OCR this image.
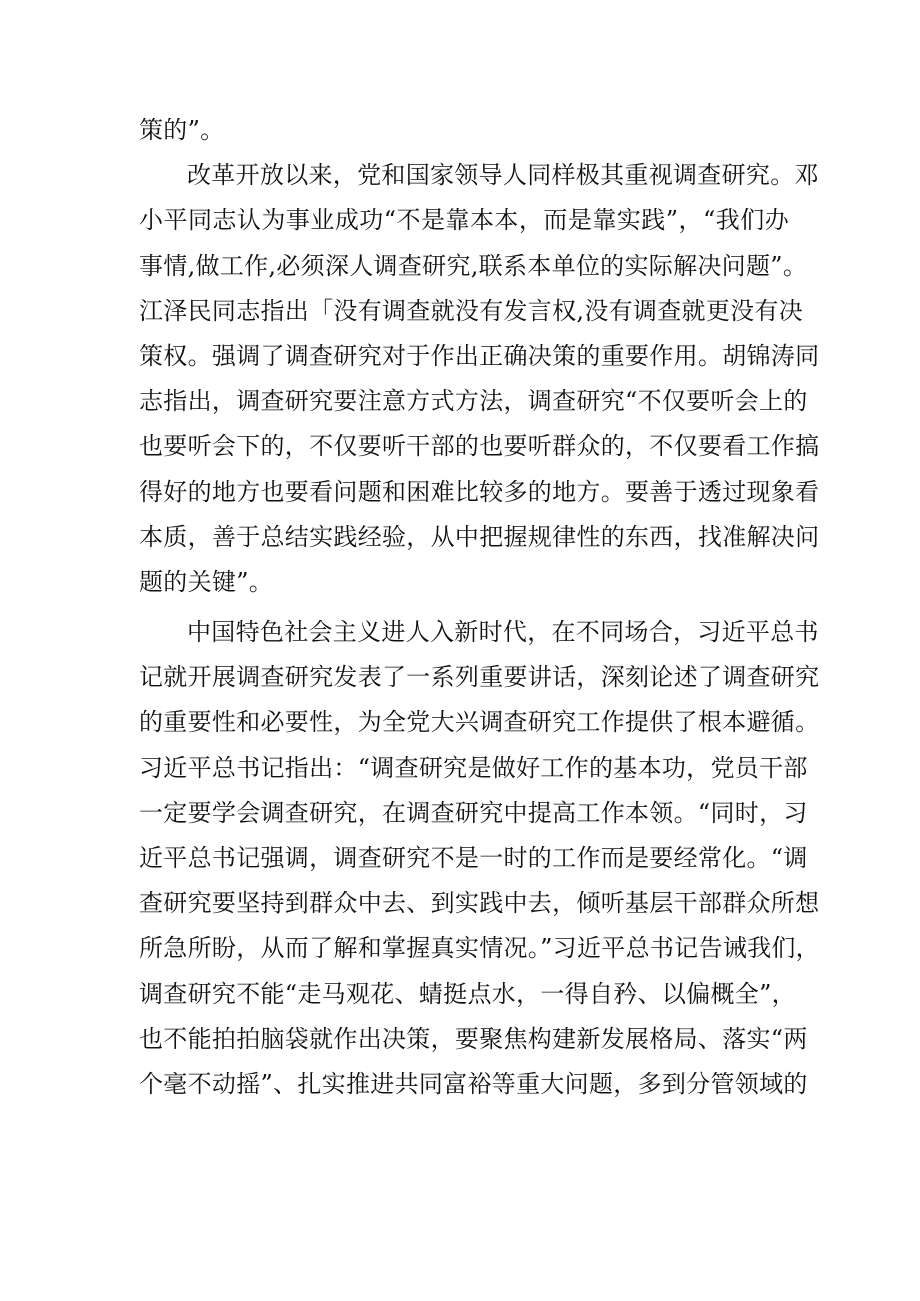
策的”。
改革开放以来，党和国家领导人同样极其重视调查研究。邓
小平同志认为事业成功“不是靠本本，而是靠实践”，“我们办
事情,做工作,必须深人调查研究,联系本单位的实际解决问题”。
江泽民同志指出「没有调查就没有发言权,没有调查就更没有决
策权。强调了调查研究对于作出正确决策的重要作用。胡锦涛同
志指出，调查研究要注意方式方法，调查研究“不仅要听会上的
也要听会下的，不仅要听干部的也要听群众的，不仅要看工作搞
得好的地方也要看问题和困难比较多的地方。要善于透过现象看
本质，善于总结实践经验，从中把握规律性的东西，找准解决问
题的关键”。
中国特色社会主义进人入新时代，在不同场合，习近平总书
记就开展调查研究发表了一系列重要讲话，深刻论述了调查研究
的重要性和必要性，为全党大兴调查研究工作提供了根本避循。
习近平总书记指出：“调查研究是做好工作的基本功，党员干部
一定要学会调查研究，在调查研究中提高工作本领。“同时，习
近平总书记强调，调查研究不是一时的工作而是要经常化。“调
查研究要坚持到群众中去、到实践中去，倾听基层干部群众所想
所急所盼，从而了解和掌握真实情况。”习近平总书记告诫我们，
调查研究不能“走马观花、蜻挺点水，一得自矜、以偏概全”，
也不能拍拍脑袋就作出决策，要聚焦构建新发展格局、落实“两
个毫不动摇”、扎实推进共同富裕等重大问题，多到分管领域的
